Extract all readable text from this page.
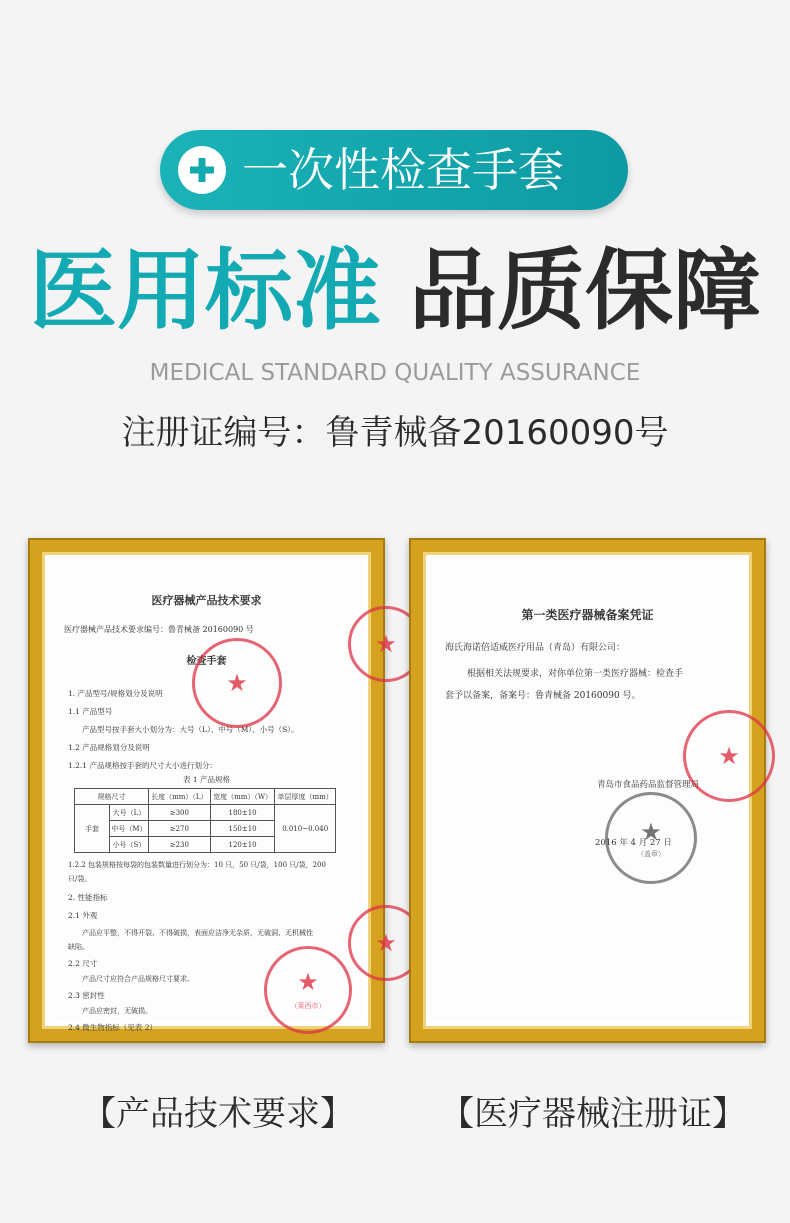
一次性检查手套
医用标准 品质保障
MEDICAL STANDARD QUALITY ASSURANCE
注册证编号：鲁青械备20160090号
医疗器械产品技术要求
医疗器械产品技术要求编号：鲁青械备 20160090 号
检查手套
1. 产品型号/规格划分及说明
1.1 产品型号
产品型号按手套大小划分为：大号（L）、中号（M）、小号（S）。
1.2 产品规格划分及说明
1.2.1 产品规格按手套的尺寸大小进行划分：
表 1 产品规格
规格尺寸		长度（mm）（L）	宽度（mm）（W）	单层厚度（mm）
手套	大号（L）	≥300	180±10	0.010~0.040
	中号（M）	≥270	150±10	
	小号（S）	≥230	120±10	
1.2.2 包装规格按每袋的包装数量进行划分为：10 只，50 只/袋，100 只/袋，200
只/袋。
2. 性能指标
2.1 外观
产品应平整，不得开裂、不得破损，表面应洁净无杂质，无破洞、无机械性
缺陷。
2.2 尺寸
产品尺寸应符合产品规格尺寸要求。
2.3 密封性
产品应密封，无破损。
2.4 微生物指标（见表 2）
★
★
★
★
（莱西市）
第一类医疗器械备案凭证
海氏海诺倍适威医疗用品（青岛）有限公司：
根据相关法规要求，对你单位第一类医疗器械：检查手
套予以备案，备案号：鲁青械备 20160090 号。
青岛市食品药品监督管理局
2016 年 4 月 27 日
★
（盖章）
★
【产品技术要求】	【医疗器械注册证】
